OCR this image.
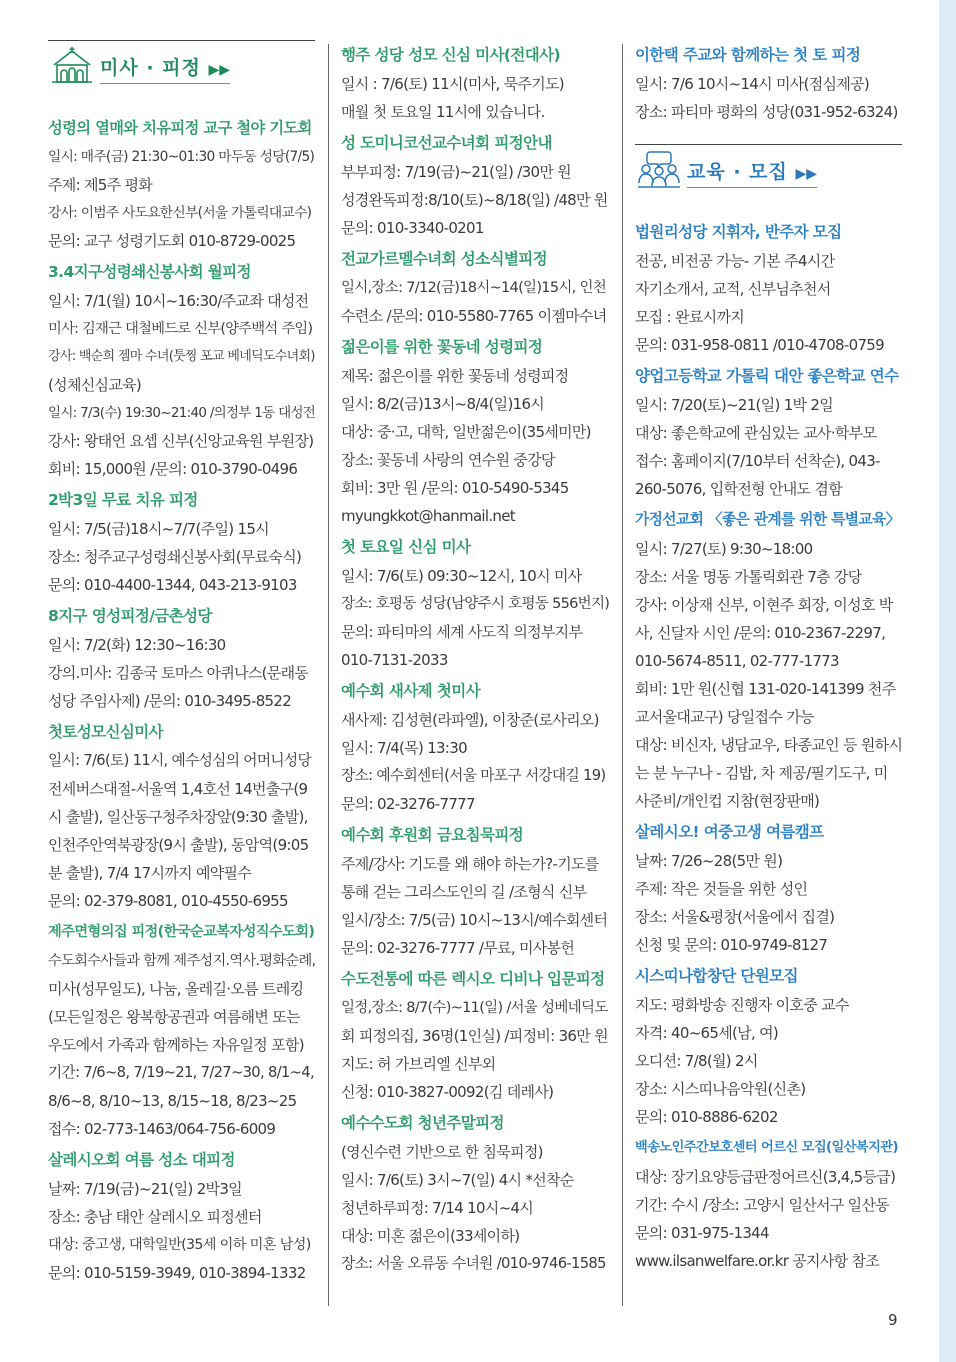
미사 · 피정 ▶▶
성령의 열매와 치유피정 교구 철야 기도회

일시: 매주(금) 21:30~01:30 마두동 성당(7/5)

주제: 제5주 평화

강사: 이범주 사도요한신부(서울 가톨릭대교수)

문의: 교구 성령기도회 010-8729-0025

3.4지구성령쇄신봉사회 월피정

일시: 7/1(월) 10시~16:30/주교좌 대성전

미사: 김재근 대철베드로 신부(양주백석 주임)

강사: 백순희 젬마 수녀(툿찡 포교 베네딕도수녀회)

(성체신심교육)

일시: 7/3(수) 19:30~21:40 /의정부 1동 대성전

강사: 왕태언 요셉 신부(신앙교육원 부원장)

회비: 15,000원 /문의: 010-3790-0496

2박3일 무료 치유 피정

일시: 7/5(금)18시~7/7(주일) 15시

장소: 청주교구성령쇄신봉사회(무료숙식)

문의: 010-4400-1344, 043-213-9103

8지구 영성피정/금촌성당

일시: 7/2(화) 12:30~16:30

강의.미사: 김종국 토마스 아퀴나스(문래동

성당 주임사제) /문의: 010-3495-8522

첫토성모신심미사

일시: 7/6(토) 11시, 예수성심의 어머니성당

전세버스대절-서울역 1,4호선 14번출구(9

시 출발), 일산동구청주차장앞(9:30 출발),

인천주안역북광장(9시 출발), 동암역(9:05

분 출발), 7/4 17시까지 예약필수

문의: 02-379-8081, 010-4550-6955

제주면형의집 피정(한국순교복자성직수도회)

수도회수사들과 함께 제주성지.역사.평화순례,

미사(성무일도), 나눔, 올레길·오름 트레킹

(모든일정은 왕복항공권과 여름해변 또는

우도에서 가족과 함께하는 자유일정 포함)

기간: 7/6~8, 7/19~21, 7/27~30, 8/1~4,

8/6~8, 8/10~13, 8/15~18, 8/23~25

접수: 02-773-1463/064-756-6009

살레시오회 여름 성소 대피정

날짜: 7/19(금)~21(일) 2박3일

장소: 충남 태안 살레시오 피정센터

대상: 중고생, 대학일반(35세 이하 미혼 남성)

문의: 010-5159-3949, 010-3894-1332

행주 성당 성모 신심 미사(전대사)

일시 : 7/6(토) 11시(미사, 묵주기도)

매월 첫 토요일 11시에 있습니다.

성 도미니코선교수녀회 피정안내

부부피정: 7/19(금)~21(일) /30만 원

성경완독피정:8/10(토)~8/18(일) /48만 원

문의: 010-3340-0201

전교가르멜수녀회 성소식별피정

일시,장소: 7/12(금)18시~14(일)15시, 인천

수련소 /문의: 010-5580-7765 이젬마수녀

젊은이를 위한 꽃동네 성령피정

제목: 젊은이를 위한 꽃동네 성령피정

일시: 8/2(금)13시~8/4(일)16시

대상: 중·고, 대학, 일반젊은이(35세미만)

장소: 꽃동네 사랑의 연수원 중강당

회비: 3만 원 /문의: 010-5490-5345

myungkkot@hanmail.net

첫 토요일 신심 미사

일시: 7/6(토) 09:30~12시, 10시 미사

장소: 호평동 성당(남양주시 호평동 556번지)

문의: 파티마의 세계 사도직 의정부지부

010-7131-2033

예수회 새사제 첫미사

새사제: 김성현(라파엘), 이창준(로사리오)

일시: 7/4(목) 13:30

장소: 예수회센터(서울 마포구 서강대길 19)

문의: 02-3276-7777

예수회 후원회 금요침묵피정

주제/강사: 기도를 왜 해야 하는가?-기도를

통해 걷는 그리스도인의 길 /조형식 신부

일시/장소: 7/5(금) 10시~13시/예수회센터

문의: 02-3276-7777 /무료, 미사봉헌

수도전통에 따른 렉시오 디비나 입문피정

일정,장소: 8/7(수)~11(일) /서울 성베네딕도

회 피정의집, 36명(1인실) /피정비: 36만 원

지도: 허 가브리엘 신부외

신청: 010-3827-0092(김 데레사)

예수수도회 청년주말피정

(영신수련 기반으로 한 침묵피정)

일시: 7/6(토) 3시~7(일) 4시 *선착순

청년하루피정: 7/14 10시~4시

대상: 미혼 젊은이(33세이하)

장소: 서울 오류동 수녀원 /010-9746-1585

이한택 주교와 함께하는 첫 토 피정

일시: 7/6 10시~14시 미사(점심제공)

장소: 파티마 평화의 성당(031-952-6324)

교육 · 모집 ▶▶
법원리성당 지휘자, 반주자 모집

전공, 비전공 가능- 기본 주4시간

자기소개서, 교적, 신부님추천서

모집 : 완료시까지

문의: 031-958-0811 /010-4708-0759

양업고등학교 가톨릭 대안 좋은학교 연수

일시: 7/20(토)~21(일) 1박 2일

대상: 좋은학교에 관심있는 교사·학부모

접수: 홈페이지(7/10부터 선착순), 043-

260-5076, 입학전형 안내도 겸함

가정선교회 〈좋은 관계를 위한 특별교육〉

일시: 7/27(토) 9:30~18:00

장소: 서울 명동 가톨릭회관 7층 강당

강사: 이상재 신부, 이현주 회장, 이성호 박

사, 신달자 시인 /문의: 010-2367-2297,

010-5674-8511, 02-777-1773

회비: 1만 원(신협 131-020-141399 천주

교서울대교구) 당일접수 가능

대상: 비신자, 냉담교우, 타종교인 등 원하시

는 분 누구나 - 김밥, 차 제공/필기도구, 미

사준비/개인컵 지참(현장판매)

살레시오! 여중고생 여름캠프

날짜: 7/26~28(5만 원)

주제: 작은 것들을 위한 성인

장소: 서울&평창(서울에서 집결)

신청 및 문의: 010-9749-8127

시스띠나합창단 단원모집

지도: 평화방송 진행자 이호중 교수

자격: 40~65세(남, 여)

오디션: 7/8(월) 2시

장소: 시스띠나음악원(신촌)

문의: 010-8886-6202

백송노인주간보호센터 어르신 모집(일산복지관)

대상: 장기요양등급판정어르신(3,4,5등급)

기간: 수시 /장소: 고양시 일산서구 일산동

문의: 031-975-1344

www.ilsanwelfare.or.kr 공지사항 참조

9
